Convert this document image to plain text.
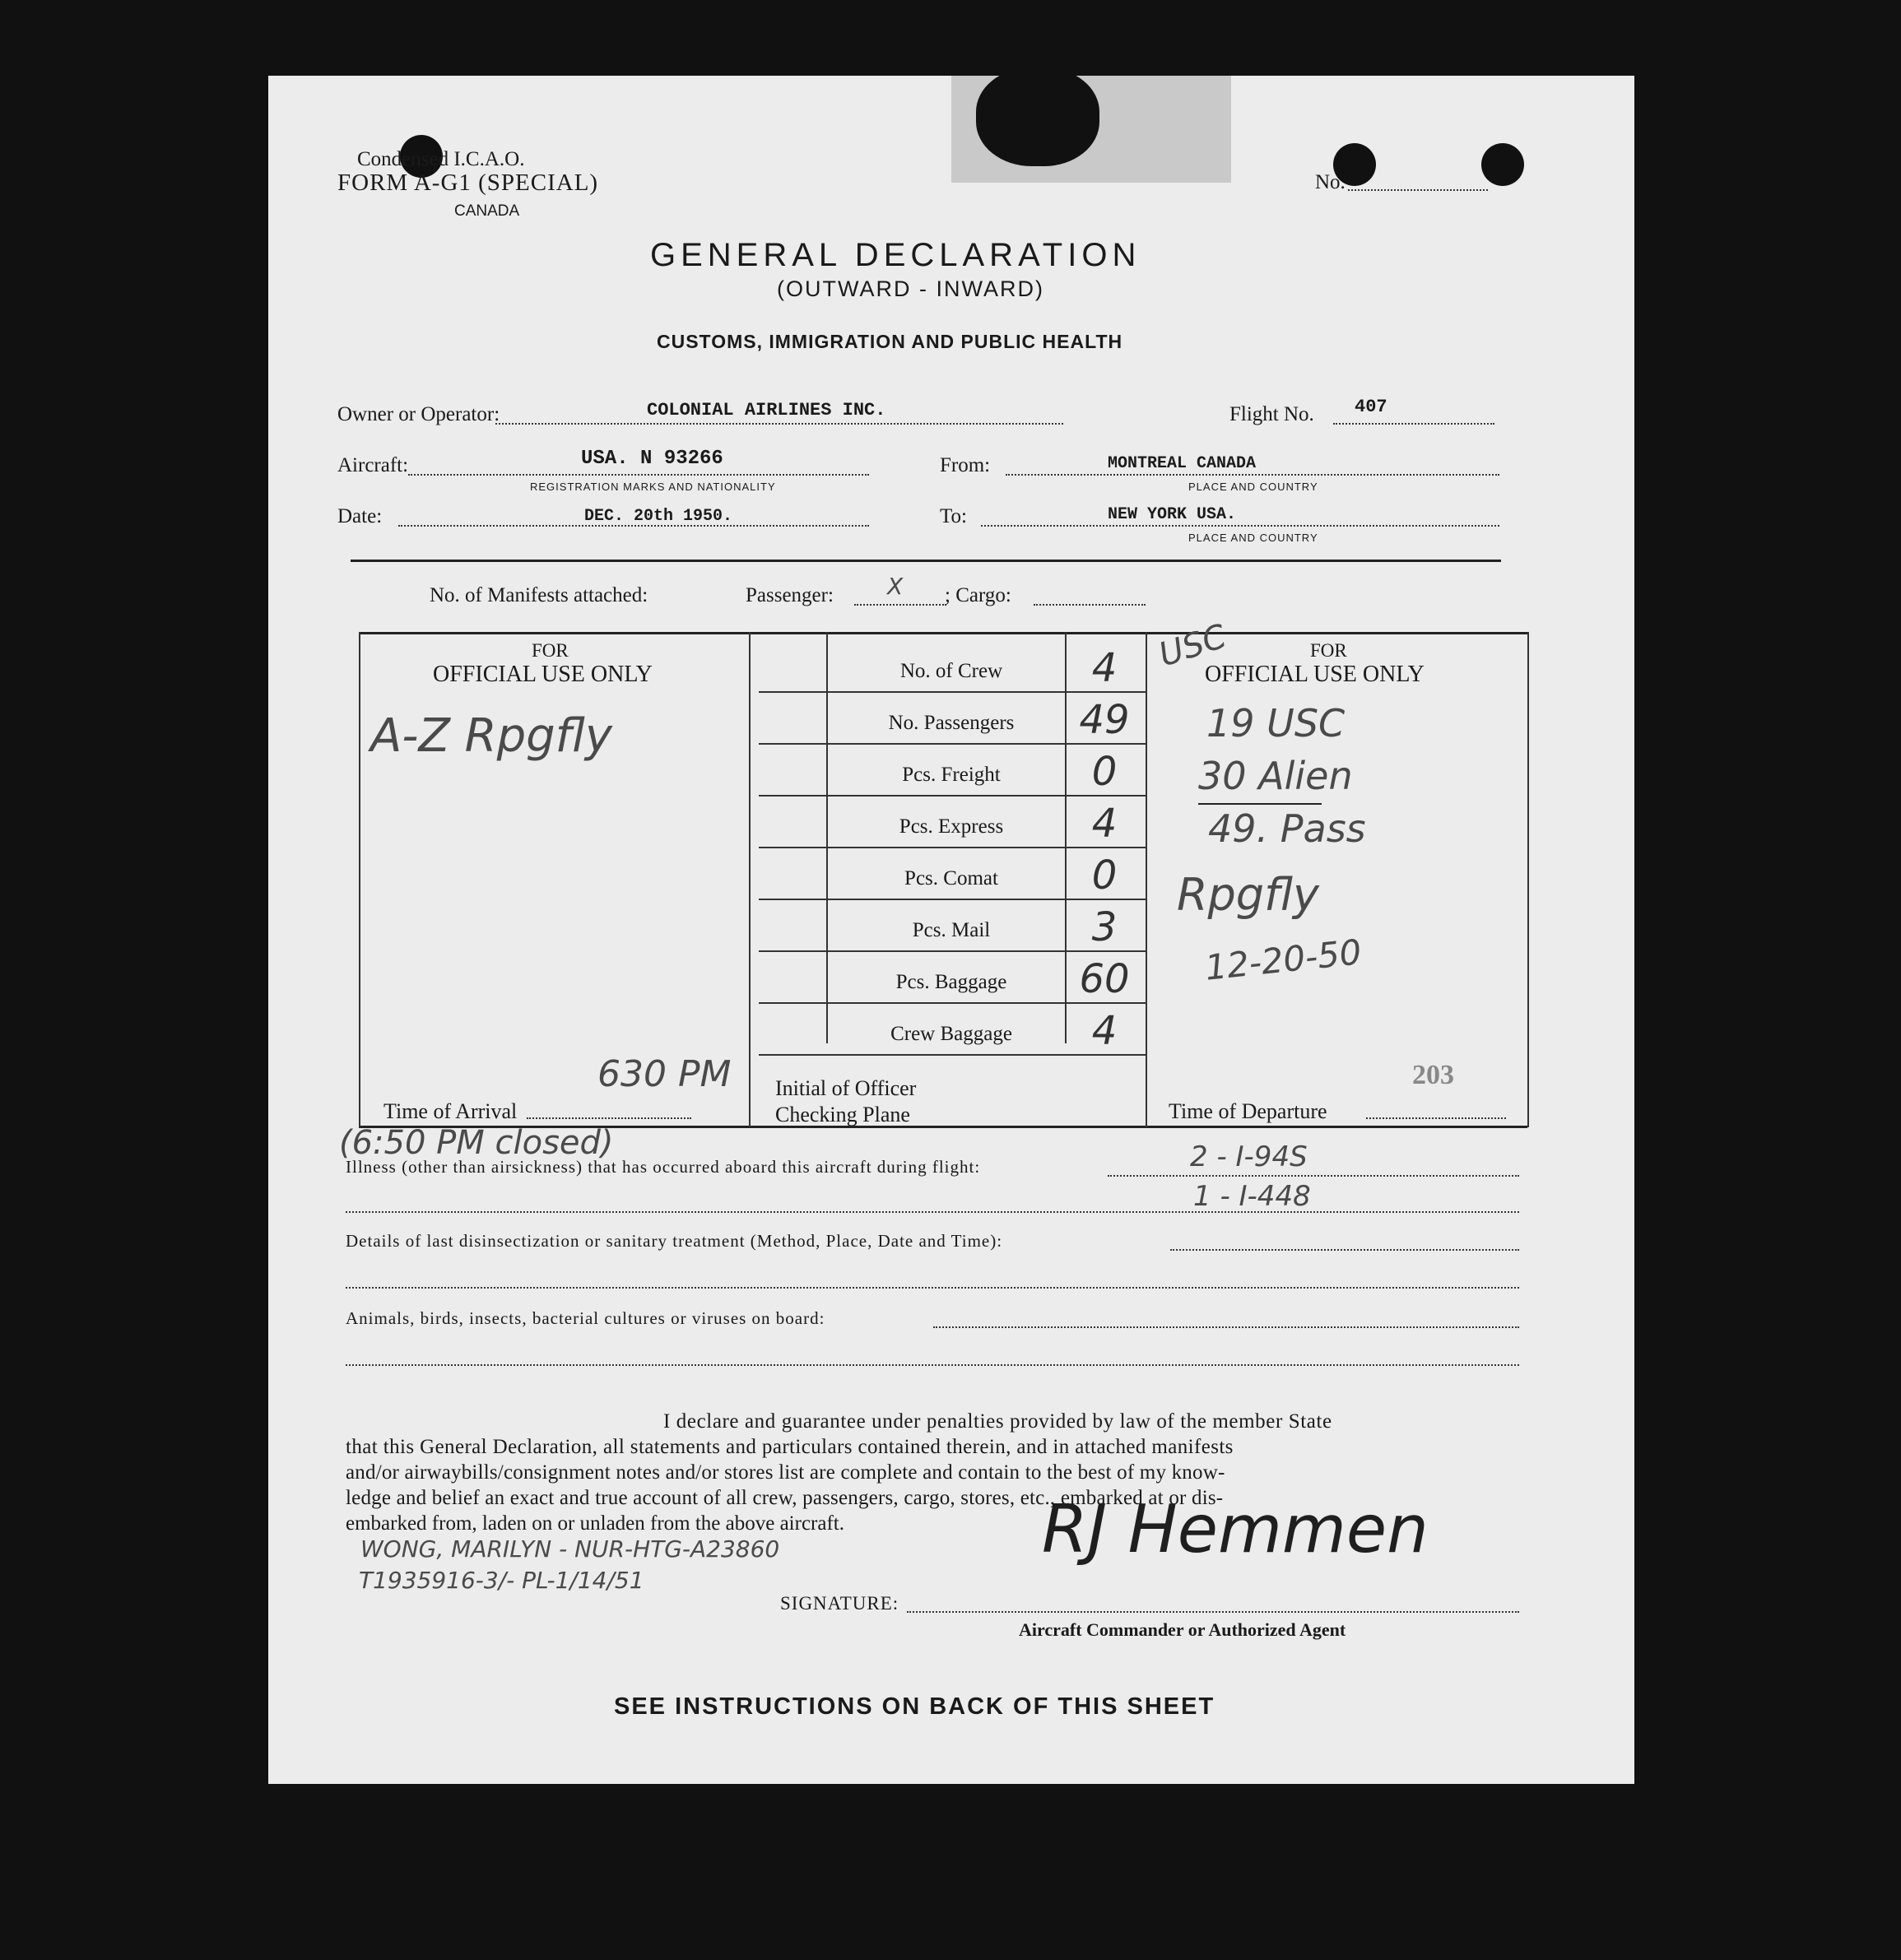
Condensed I.C.A.O.
FORM A-G1 (SPECIAL)
CANADA
No.
GENERAL DECLARATION
(OUTWARD - INWARD)
CUSTOMS, IMMIGRATION AND PUBLIC HEALTH
Owner or Operator:	COLONIAL AIRLINES INC.	Flight No. 407
Aircraft:	USA. N 93266
REGISTRATION MARKS AND NATIONALITY
From:	MONTREAL CANADA
PLACE AND COUNTRY
Date:	DEC. 20th 1950.	To:	NEW YORK USA.
PLACE AND COUNTRY
No. of Manifests attached:	Passenger: X ; Cargo:
FOR
OFFICIAL USE ONLY
A-Z Rpgfly
Time of Arrival
630 PM
No. of Crew	4
No. Passengers	49
Pcs. Freight	0
Pcs. Express	4
Pcs. Comat	0
Pcs. Mail	3
Pcs. Baggage	60
Crew Baggage	4
Initial of Officer
Checking Plane
USC	FOR
OFFICIAL USE ONLY
19 USC
30 Alien
49. Pass
Rpgfly
12-20-50
203
Time of Departure
(6:50 PM closed)
Illness (other than airsickness) that has occurred aboard this aircraft during flight:	2 - I-94S
1 - I-448
Details of last disinsectization or sanitary treatment (Method, Place, Date and Time):
Animals, birds, insects, bacterial cultures or viruses on board:
I declare and guarantee under penalties provided by law of the member State
that this General Declaration, all statements and particulars contained therein, and in attached manifests
and/or airwaybills/consignment notes and/or stores list are complete and contain to the best of my know-
ledge and belief an exact and true account of all crew, passengers, cargo, stores, etc., embarked at or dis-
embarked from, laden on or unladen from the above aircraft.
WONG, MARILYN - NUR-HTG-A23860
T1935916-3/- PL-1/14/51
SIGNATURE:
RJ Hemmen
Aircraft Commander or Authorized Agent
SEE INSTRUCTIONS ON BACK OF THIS SHEET
